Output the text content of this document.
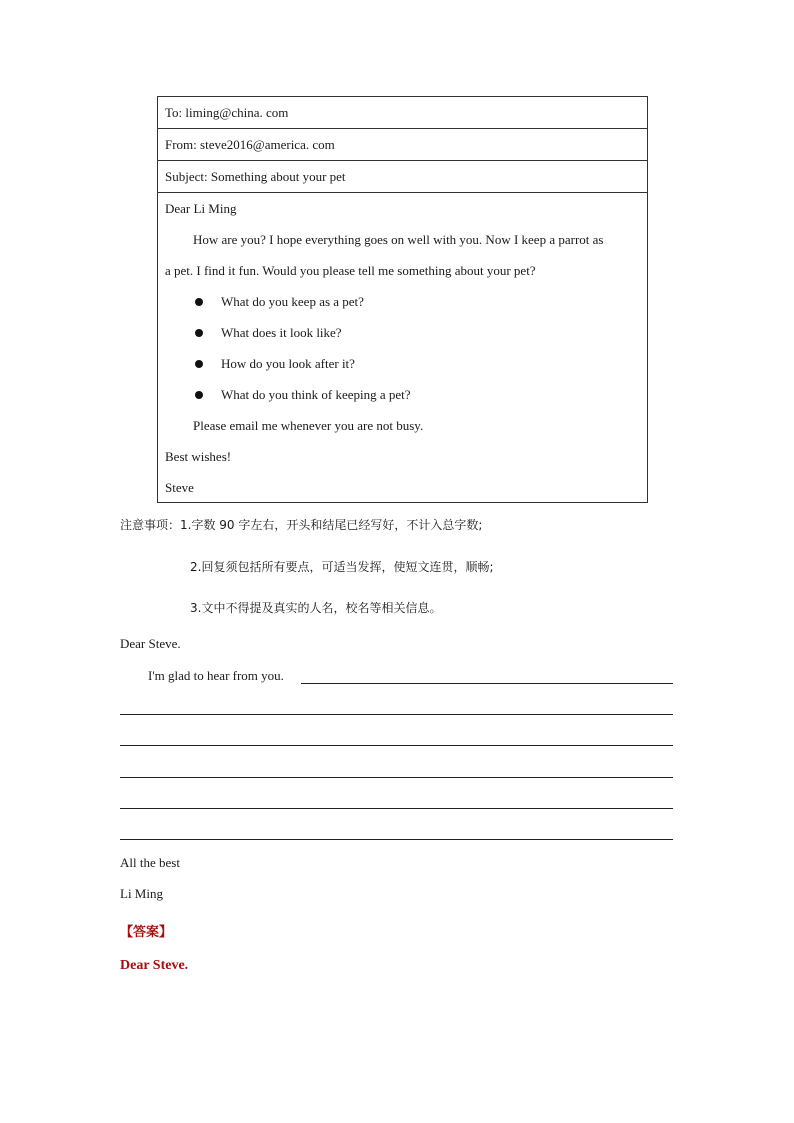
To: liming@china. com
From: steve2016@america. com
Subject: Something about your pet
Dear Li Ming
How are you? I hope everything goes on well with you. Now I keep a parrot as
a pet. I find it fun. Would you please tell me something about your pet?
What do you keep as a pet?
What does it look like?
How do you look after it?
What do you think of keeping a pet?
Please email me whenever you are not busy.
Best wishes!
Steve
注意事项：1.字数 90 字左右，开头和结尾已经写好，不计入总字数;
2.回复须包括所有要点，可适当发挥，使短文连贯，顺畅;
3.文中不得提及真实的人名，校名等相关信息。
Dear Steve.
I'm glad to hear from you.
All the best
Li Ming
【答案】
Dear Steve.
